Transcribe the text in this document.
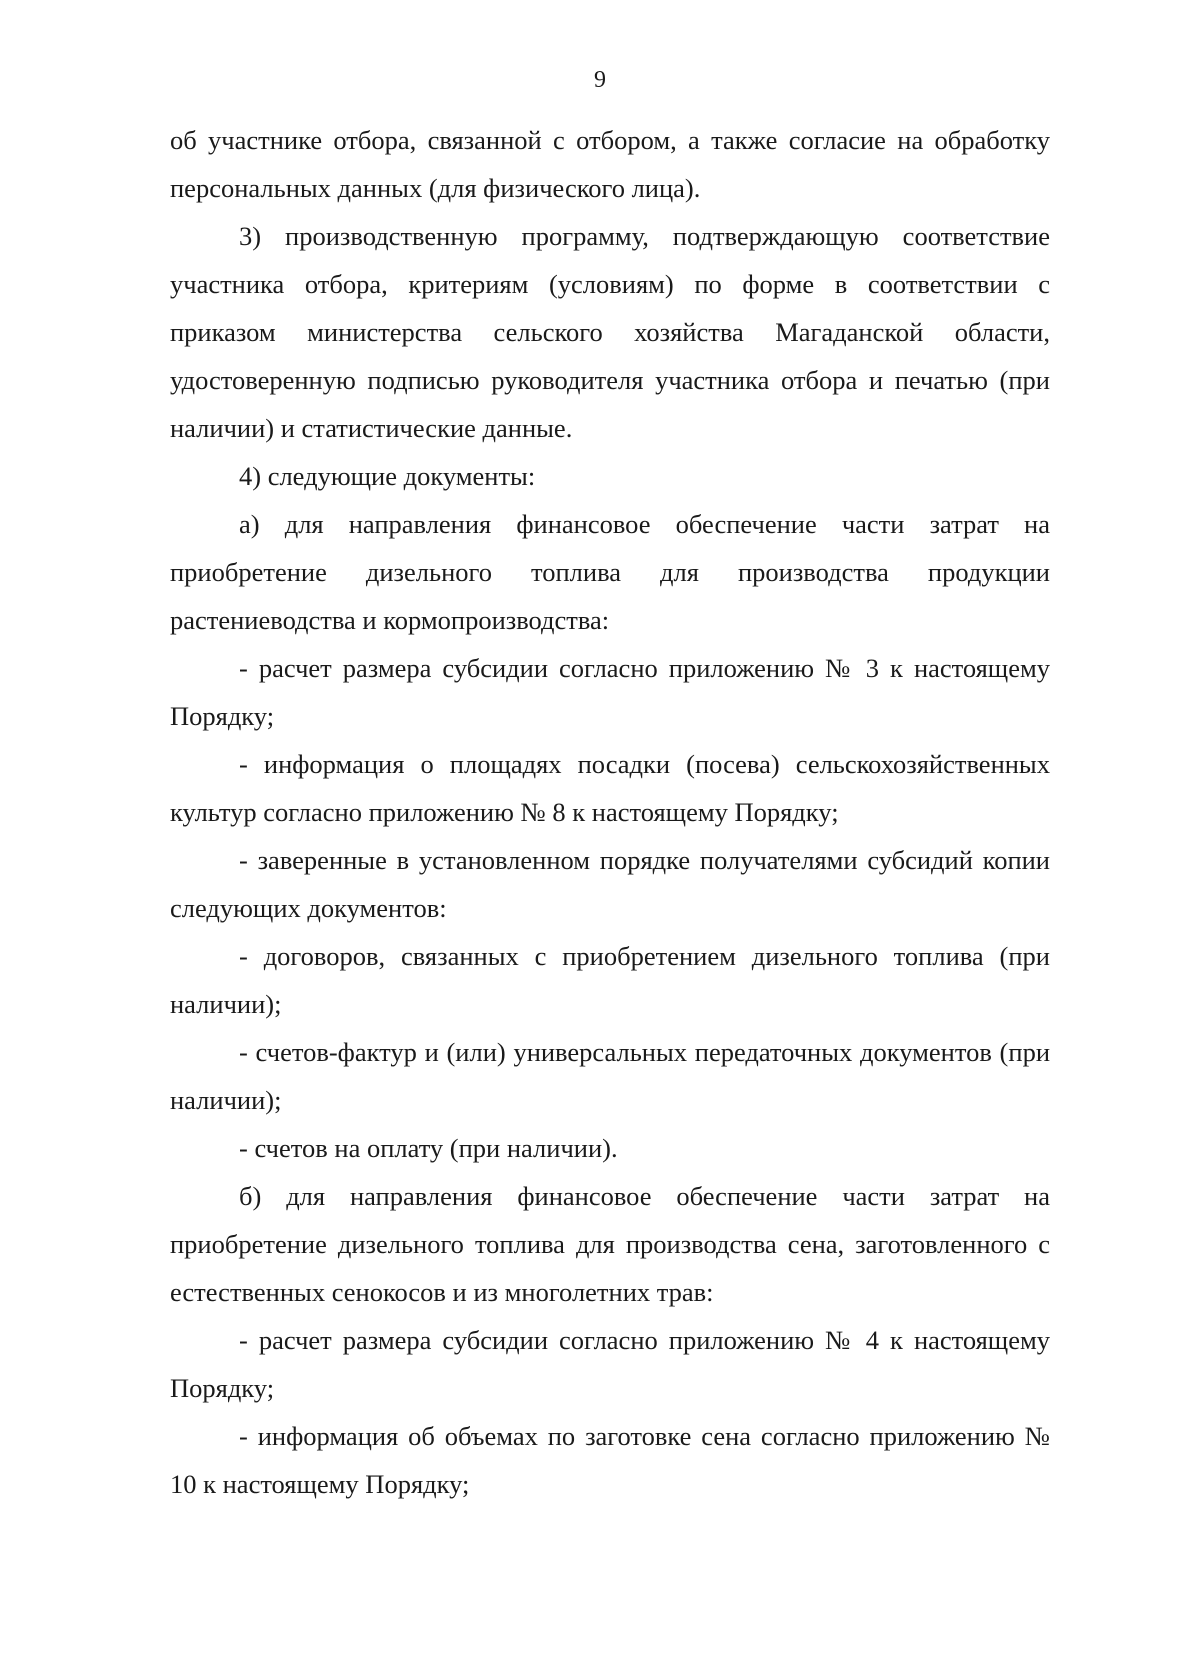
9

об участнике отбора, связанной с отбором, а также согласие на обработку персональных данных (для физического лица).

3) производственную программу, подтверждающую соответствие участника отбора, критериям (условиям) по форме в соответствии с приказом министерства сельского хозяйства Магаданской области, удостоверенную подписью руководителя участника отбора и печатью (при наличии) и статистические данные.

4) следующие документы:

а) для направления финансовое обеспечение части затрат на приобретение дизельного топлива для производства продукции растениеводства и кормопроизводства:

- расчет размера субсидии согласно приложению № 3 к настоящему Порядку;

- информация о площадях посадки (посева) сельскохозяйственных культур согласно приложению № 8 к настоящему Порядку;

- заверенные в установленном порядке получателями субсидий копии следующих документов:

- договоров, связанных с приобретением дизельного топлива (при наличии);

- счетов-фактур и (или) универсальных передаточных документов (при наличии);

- счетов на оплату (при наличии).

б) для направления финансовое обеспечение части затрат на приобретение дизельного топлива для производства сена, заготовленного с естественных сенокосов и из многолетних трав:

- расчет размера субсидии согласно приложению № 4 к настоящему Порядку;

- информация об объемах по заготовке сена согласно приложению № 10 к настоящему Порядку;
